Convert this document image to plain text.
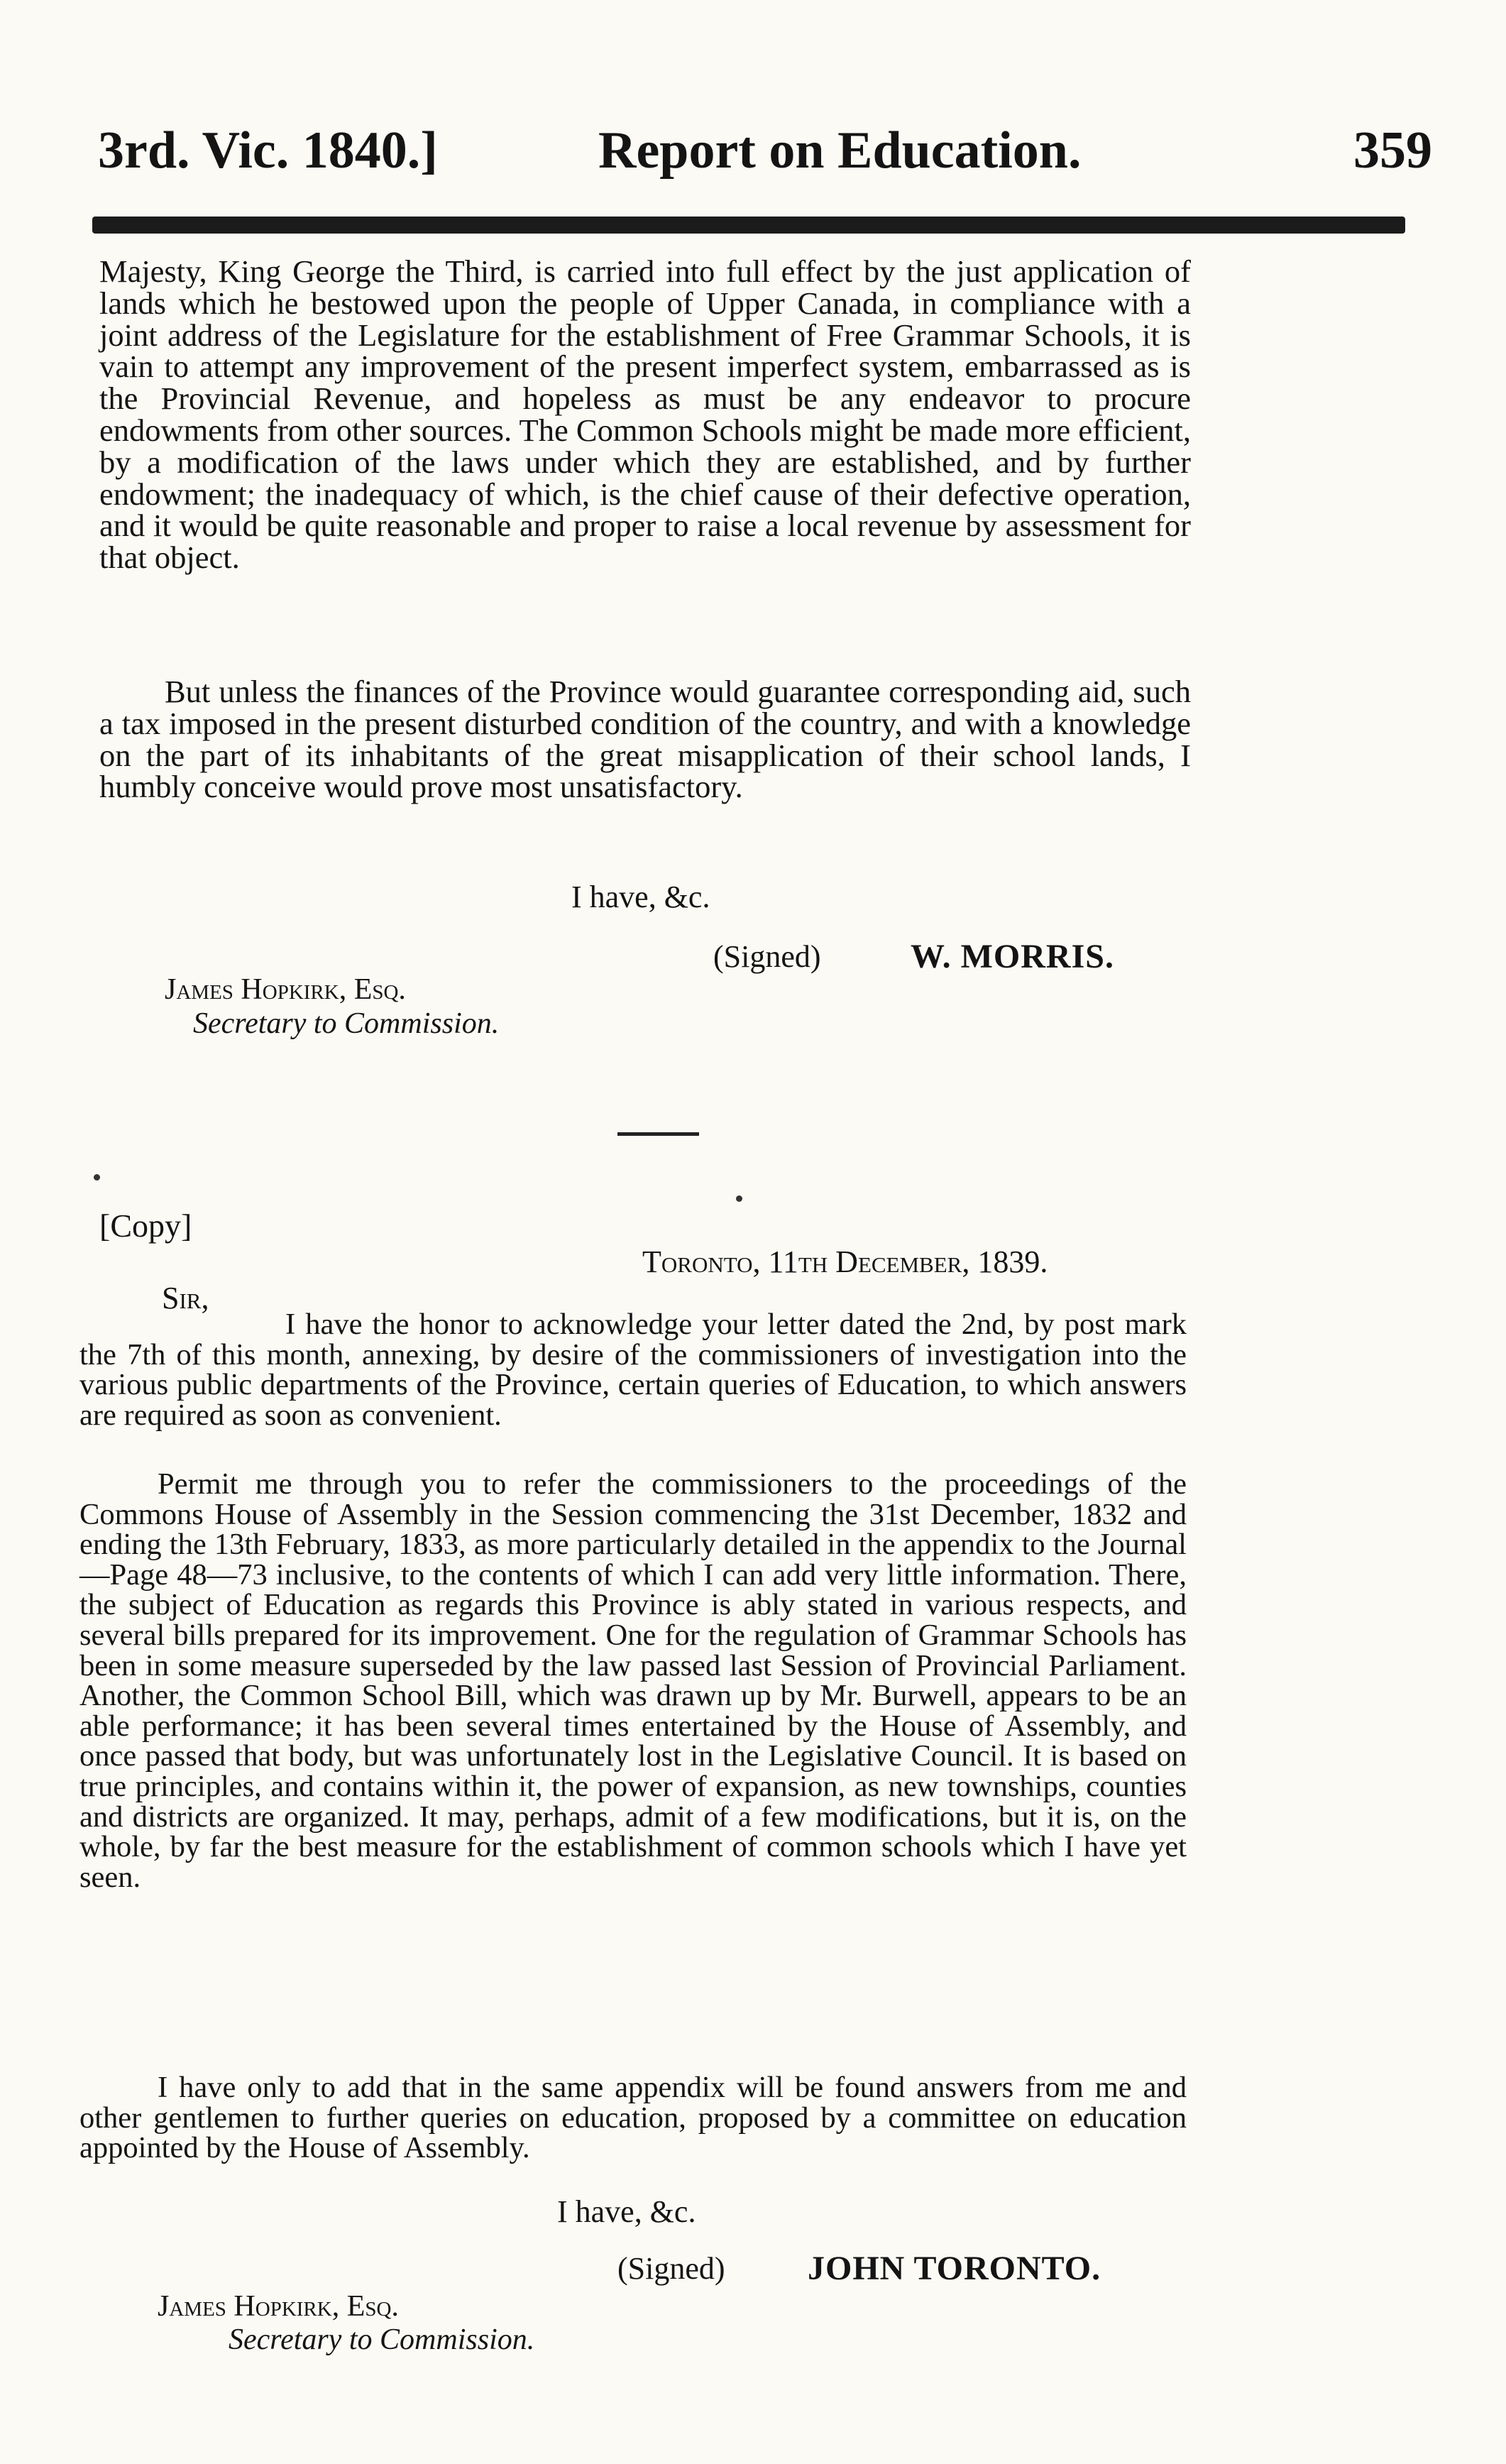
3rd. Vic. 1840.]	Report on Education.	359
Majesty, King George the Third, is carried into full effect by the just application of lands which he bestowed upon the people of Upper Canada, in compliance with a joint address of the Legislature for the establishment of Free Grammar Schools, it is vain to attempt any improvement of the present imperfect system, embarrassed as is the Provincial Revenue, and hopeless as must be any endeavor to procure endowments from other sources. The Common Schools might be made more efficient, by a modification of the laws under which they are established, and by further endowment; the inadequacy of which, is the chief cause of their defective operation, and it would be quite reasonable and proper to raise a local revenue by assessment for that object.
But unless the finances of the Province would guarantee corresponding aid, such a tax imposed in the present disturbed condition of the country, and with a knowledge on the part of its inhabitants of the great misapplication of their school lands, I humbly conceive would prove most unsatisfactory.
I have, &c.
(Signed)	W. MORRIS.
James Hopkirk, Esq.
Secretary to Commission.
[Copy]
Toronto, 11th December, 1839.
Sir,
I have the honor to acknowledge your letter dated the 2nd, by post mark the 7th of this month, annexing, by desire of the commissioners of investigation into the various public departments of the Province, certain queries of Education, to which answers are required as soon as convenient.
Permit me through you to refer the commissioners to the proceedings of the Commons House of Assembly in the Session commencing the 31st December, 1832 and ending the 13th February, 1833, as more particularly detailed in the appendix to the Journal—Page 48—73 inclusive, to the contents of which I can add very little information. There, the subject of Education as regards this Province is ably stated in various respects, and several bills prepared for its improvement. One for the regulation of Grammar Schools has been in some measure superseded by the law passed last Session of Provincial Parliament. Another, the Common School Bill, which was drawn up by Mr. Burwell, appears to be an able performance; it has been several times entertained by the House of Assembly, and once passed that body, but was unfortunately lost in the Legislative Council. It is based on true principles, and contains within it, the power of expansion, as new townships, counties and districts are organized. It may, perhaps, admit of a few modifications, but it is, on the whole, by far the best measure for the establishment of common schools which I have yet seen.
I have only to add that in the same appendix will be found answers from me and other gentlemen to further queries on education, proposed by a committee on education appointed by the House of Assembly.
I have, &c.
(Signed) JOHN TORONTO.
James Hopkirk, Esq.
Secretary to Commission.
